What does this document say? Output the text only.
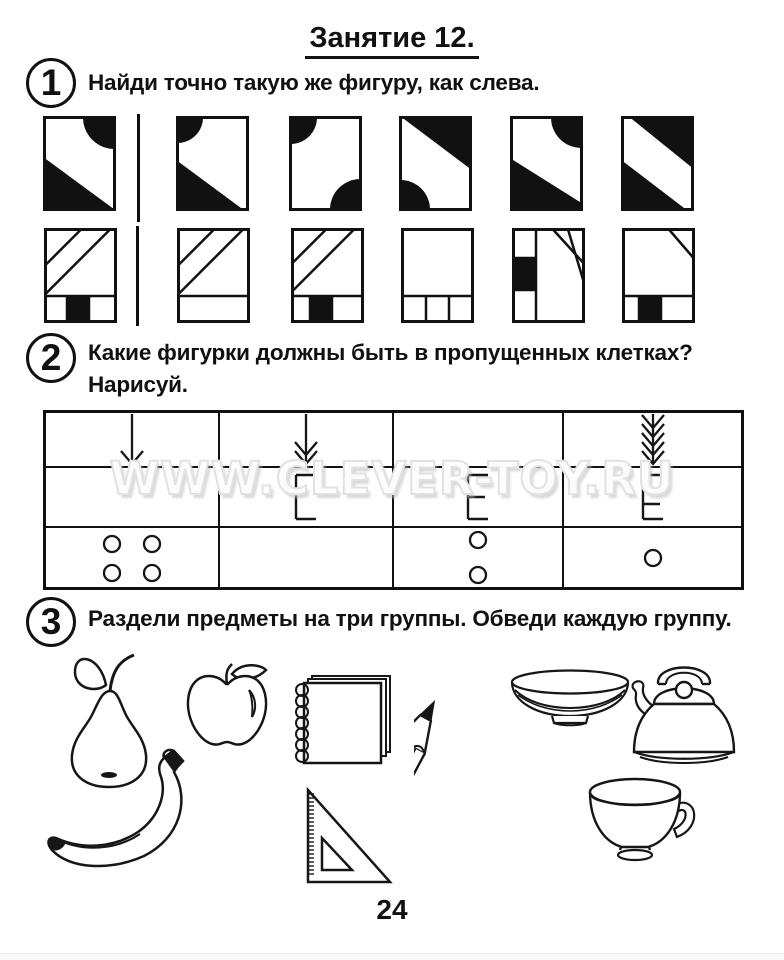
Занятие 12.
1 Найди точно такую же фигуру, как слева.
2 Какие фигурки должны быть в пропущенных клетках?
Нарисуй.
WWW.CLEVER-TOY.RU
3 Раздели предметы на три группы. Обведи каждую группу.
24
